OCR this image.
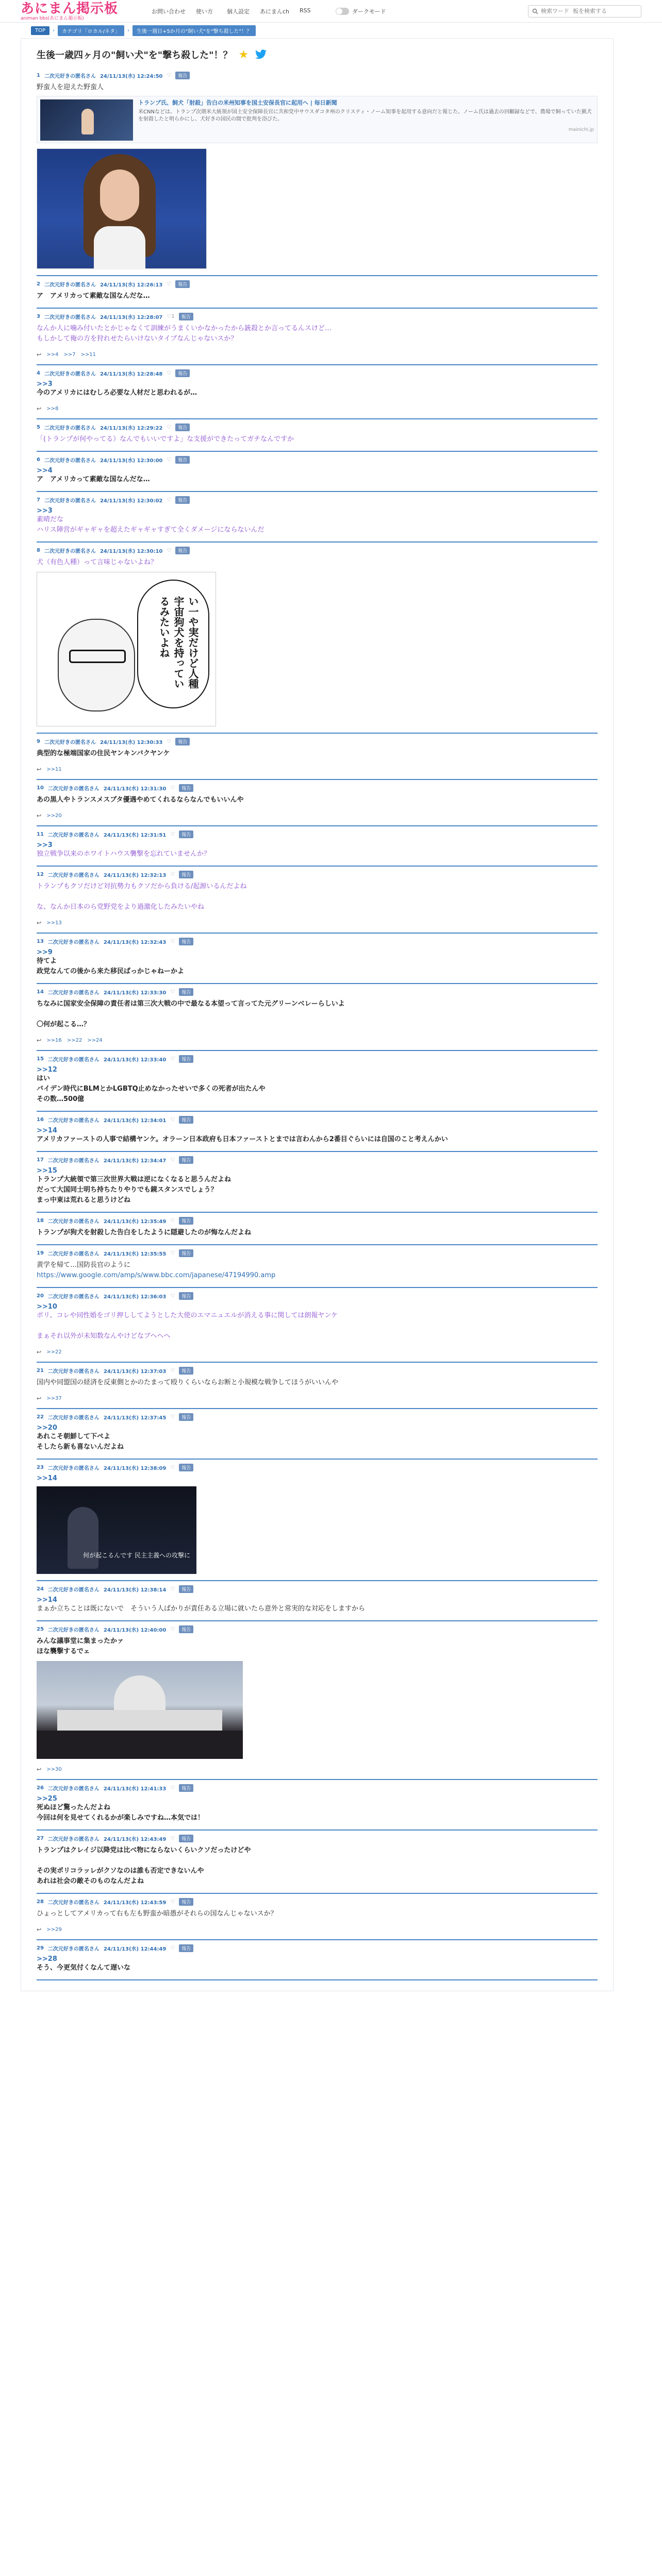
あにまん掲示板
animan bbs(あにまん掲示板)
お問い合わせ	使い方	個人設定	あにまんch	RSS	ダークモード
検索ワード 板を検索する
TOP	›	カテゴリ「ロカル/ネタ」	›	生後一週目+5か月の"飼い犬"を"撃ち殺した"！？
生後一歳四ヶ月の"飼い犬"を"撃ち殺した"！？ ★
1 二次元好きの匿名さん 24/11/13(水) 12:24:50 ♡	報告
野蛮人を迎えた野蛮人
トランプ氏、飼犬「射殺」告白の米州知事を国土安保長官に起用へ | 毎日新聞
米CNNなどは、トランプ次期米大統領が国土安全保障長官に共和党中サウスダコタ州のクリスティ・ノーム知事を起用する意向だと報じた。ノーム氏は過去の回顧録などで、農場で飼っていた猟犬を射殺したと明らかにし、犬好きの国民の間で批判を浴びた。
mainichi.jp
2 二次元好きの匿名さん 24/11/13(水) 12:26:13 ♡	報告
ア　アメリカって素敵な国なんだな…
3 二次元好きの匿名さん 24/11/13(水) 12:28:07 ♡1	報告
なんか人に噛み付いたとかじゃなくて訓練がうまくいかなかったから銃殺とか言ってるんスけど…
もしかして俺の方を狩れせたらいけないタイプなんじゃないスか？
↩ >>4 >>7 >>11
4 二次元好きの匿名さん 24/11/13(水) 12:28:48 ♡	報告
>>3
今のアメリカにはむしろ必要な人材だと思われるが…
↩ >>8
5 二次元好きの匿名さん 24/11/13(水) 12:29:22 ♡	報告
「(トランプが何やってる）なんでもいいですよ」な支援ができたってガチなんですか
6 二次元好きの匿名さん 24/11/13(水) 12:30:00 ♡	報告
>>4
ア　アメリカって素敵な国なんだな…
7 二次元好きの匿名さん 24/11/13(水) 12:30:02 ♡	報告
>>3
素晴だな
ハリス陣営がギャギャを超えたギャギャすぎて全くダメージにならないんだ
8 二次元好きの匿名さん 24/11/13(水) 12:30:10 ♡	報告
犬（有色人種）って言味じゃないよね？
い一や実だけど人種宇宙狗犬を持っているみたいよね
9 二次元好きの匿名さん 24/11/13(水) 12:30:33 ♡	報告
典型的な極端国家の住民ヤンキンバクヤンケ
↩ >>11
10 二次元好きの匿名さん 24/11/13(水) 12:31:30 ♡	報告
あの黒人やトランスメスブタ優遇やめてくれるならなんでもいいんや
↩ >>20
11 二次元好きの匿名さん 24/11/13(水) 12:31:51 ♡	報告
>>3
独立戦争以来のホワイトハウス襲撃を忘れていませんか？
12 二次元好きの匿名さん 24/11/13(水) 12:32:13 ♡	報告
トランプもクソだけど対抗勢力もクソだから負ける/起源いるんだよね
な、なんか日本のら党野党をより過激化したみたいやね
↩ >>13
13 二次元好きの匿名さん 24/11/13(水) 12:32:43 ♡	報告
>>9
待てよ
政党なんての後から来た移民ばっかじゃねーかよ
14 二次元好きの匿名さん 24/11/13(水) 12:33:30 ♡	報告
ちなみに国家安全保障の責任者は第三次大戦の中で最なる本望って言ってた元グリーンベレーらしいよ
〇何が起こる…？
↩ >>16 >>22 >>24
15 二次元好きの匿名さん 24/11/13(水) 12:33:40 ♡	報告
>>12
はい
バイデン時代にBLMとかLGBTQ止めなかったせいで多くの死者が出たんや
その数…500億
16 二次元好きの匿名さん 24/11/13(水) 12:34:01 ♡	報告
>>14
アメリカファーストの人事で結構ヤンケ。オラーン日本政府も日本ファーストとまでは言わんから2番目ぐらいには自国のこと考えんかい
17 二次元好きの匿名さん 24/11/13(水) 12:34:47 ♡	報告
>>15
トランプ大統領で第三次世界大戦は逆になくなると思うんだよね
だって大国同士明ち持ちたりやりでも鏡スタンスでしょう？
まっ中東は荒れると思うけどね
18 二次元好きの匿名さん 24/11/13(水) 12:35:49 ♡	報告
トランプが狗犬を射殺した告白をしたように隠避したのが悔なんだよね
19 二次元好きの匿名さん 24/11/13(水) 12:35:55 ♡	報告
黄学を帰て…国防長官のように
https://www.google.com/amp/s/www.bbc.com/japanese/47194990.amp
20 二次元好きの匿名さん 24/11/13(水) 12:36:03 ♡	報告
>>10
ポリ、コレや同性婚をゴリ押ししてようとした大使のエマニュエルが消える事に関しては朗報ヤンケ
まぁそれ以外が未知数なんやけどなブヘヘヘ
↩ >>22
21 二次元好きの匿名さん 24/11/13(水) 12:37:03 ♡	報告
国内や同盟国の経済を反東側とかのたまって殴りくらいならお断と小規模な戦争してほうがいいんや
↩ >>37
22 二次元好きの匿名さん 24/11/13(水) 12:37:45 ♡	報告
>>20
あれこそ朝鮮して下ぺよ
そしたら新も喜ないんだよね
23 二次元好きの匿名さん 24/11/13(水) 12:38:09 ♡	報告
>>14
何が起こるんです 民主主義への攻撃に
24 二次元好きの匿名さん 24/11/13(水) 12:38:14 ♡	報告
>>14
まぁか立ちことは既にないで　そういう人ばかりが責任ある立場に就いたら意外と常実的な対応をしますから
25 二次元好きの匿名さん 24/11/13(水) 12:40:00 ♡	報告
みんな議事堂に集まったかァ
ほな襲撃するでェ
↩ >>30
26 二次元好きの匿名さん 24/11/13(水) 12:41:33 ♡	報告
>>25
死ぬほど驚ったんだよね
今回は何を見せてくれるかが楽しみですね…本気では！
27 二次元好きの匿名さん 24/11/13(水) 12:43:49 ♡	報告
トランプはクレイジ以降党は比べ物にならないくらいクソだったけどや
その実ポリコラッレがクソなのは誰も否定できないんや
あれは社会の敵そのものなんだよね
28 二次元好きの匿名さん 24/11/13(水) 12:43:59 ♡	報告
ひょっとしてアメリカって右も左も野蛮か暗愚がそれらの国なんじゃないスか？
↩ >>29
29 二次元好きの匿名さん 24/11/13(水) 12:44:49 ♡	報告
>>28
そう、今更気付くなんて遅いな
